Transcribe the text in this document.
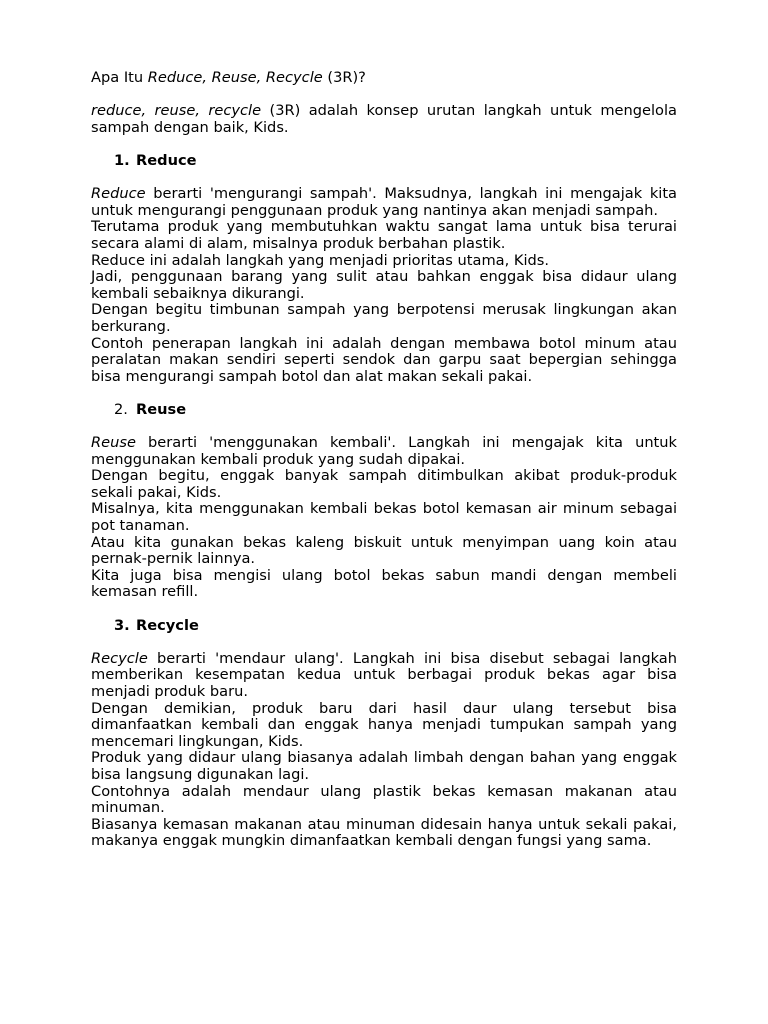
Apa Itu Reduce, Reuse, Recycle (3R)?

reduce, reuse, recycle (3R) adalah konsep urutan langkah untuk mengelola sampah dengan baik, Kids.

1. Reduce

Reduce berarti 'mengurangi sampah'. Maksudnya, langkah ini mengajak kita untuk mengurangi penggunaan produk yang nantinya akan menjadi sampah.

Terutama produk yang membutuhkan waktu sangat lama untuk bisa terurai secara alami di alam, misalnya produk berbahan plastik.

Reduce ini adalah langkah yang menjadi prioritas utama, Kids.

Jadi, penggunaan barang yang sulit atau bahkan enggak bisa didaur ulang kembali sebaiknya dikurangi.

Dengan begitu timbunan sampah yang berpotensi merusak lingkungan akan berkurang.

Contoh penerapan langkah ini adalah dengan membawa botol minum atau peralatan makan sendiri seperti sendok dan garpu saat bepergian sehingga bisa mengurangi sampah botol dan alat makan sekali pakai.

2. Reuse

Reuse berarti 'menggunakan kembali'. Langkah ini mengajak kita untuk menggunakan kembali produk yang sudah dipakai.

Dengan begitu, enggak banyak sampah ditimbulkan akibat produk-produk sekali pakai, Kids.

Misalnya, kita menggunakan kembali bekas botol kemasan air minum sebagai pot tanaman.

Atau kita gunakan bekas kaleng biskuit untuk menyimpan uang koin atau pernak-pernik lainnya.

Kita juga bisa mengisi ulang botol bekas sabun mandi dengan membeli kemasan refill.

3. Recycle

Recycle berarti 'mendaur ulang'. Langkah ini bisa disebut sebagai langkah memberikan kesempatan kedua untuk berbagai produk bekas agar bisa menjadi produk baru.

Dengan demikian, produk baru dari hasil daur ulang tersebut bisa dimanfaatkan kembali dan enggak hanya menjadi tumpukan sampah yang mencemari lingkungan, Kids.

Produk yang didaur ulang biasanya adalah limbah dengan bahan yang enggak bisa langsung digunakan lagi.

Contohnya adalah mendaur ulang plastik bekas kemasan makanan atau minuman.

Biasanya kemasan makanan atau minuman didesain hanya untuk sekali pakai, makanya enggak mungkin dimanfaatkan kembali dengan fungsi yang sama.
